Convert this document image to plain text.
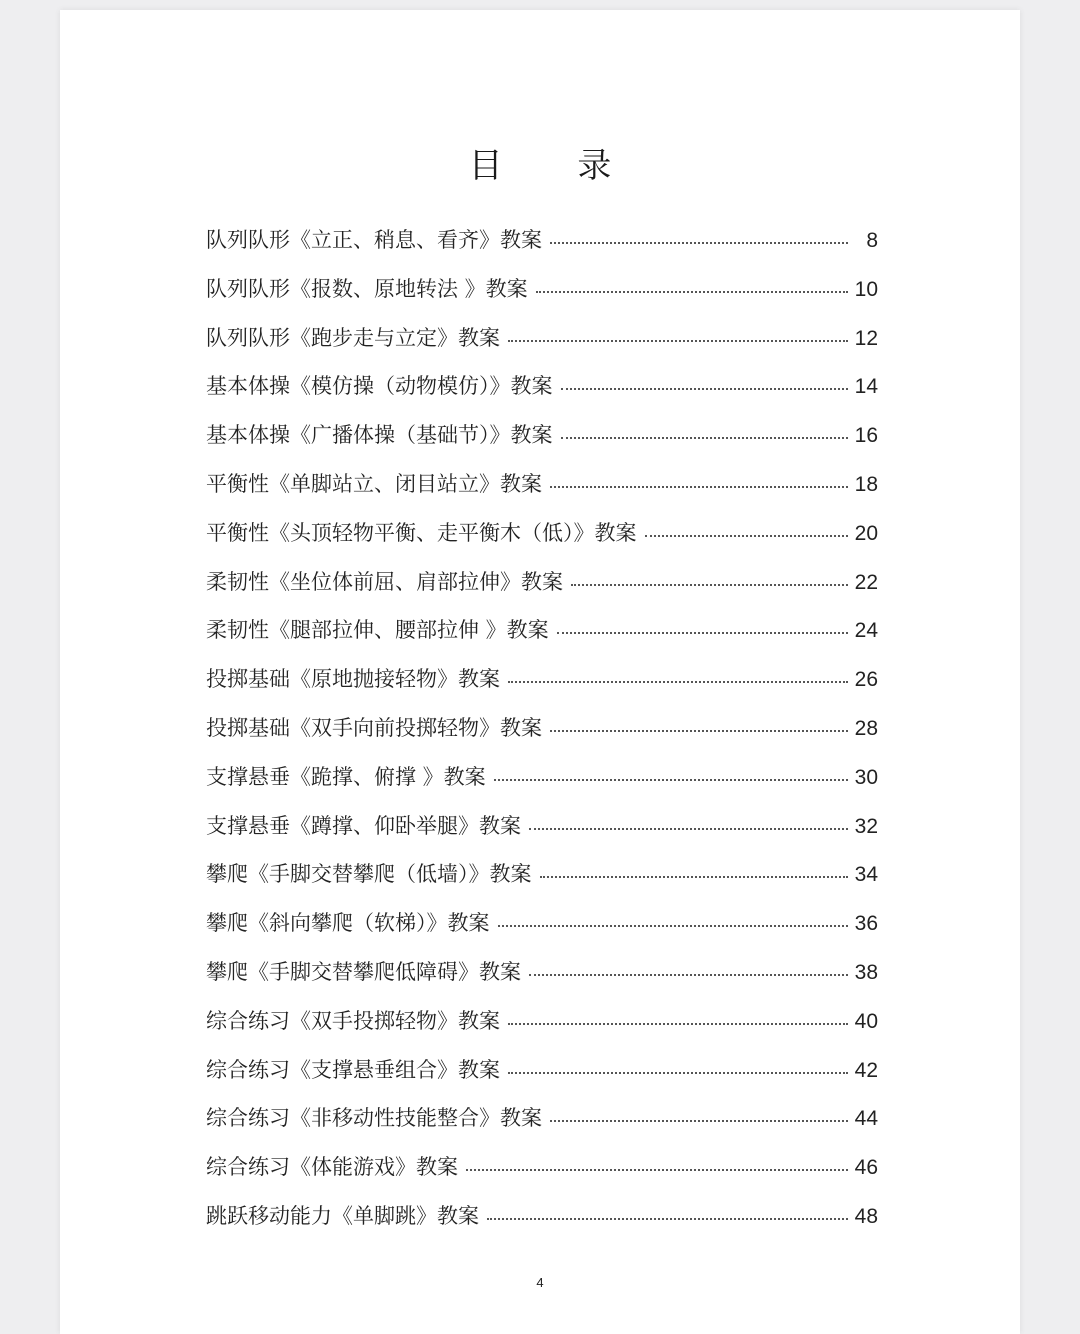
目 录
队列队形《立正、稍息、看齐》教案	8
队列队形《报数、原地转法 》教案	10
队列队形《跑步走与立定》教案	12
基本体操《模仿操（动物模仿）》教案	14
基本体操《广播体操（基础节）》教案	16
平衡性《单脚站立、闭目站立》教案	18
平衡性《头顶轻物平衡、走平衡木（低）》教案	20
柔韧性《坐位体前屈、肩部拉伸》教案	22
柔韧性《腿部拉伸、腰部拉伸 》教案	24
投掷基础《原地抛接轻物》教案	26
投掷基础《双手向前投掷轻物》教案	28
支撑悬垂《跪撑、俯撑 》教案	30
支撑悬垂《蹲撑、仰卧举腿》教案	32
攀爬《手脚交替攀爬（低墙）》教案	34
攀爬《斜向攀爬（软梯）》教案	36
攀爬《手脚交替攀爬低障碍》教案	38
综合练习《双手投掷轻物》教案	40
综合练习《支撑悬垂组合》教案	42
综合练习《非移动性技能整合》教案	44
综合练习《体能游戏》教案	46
跳跃移动能力《单脚跳》教案	48
4
